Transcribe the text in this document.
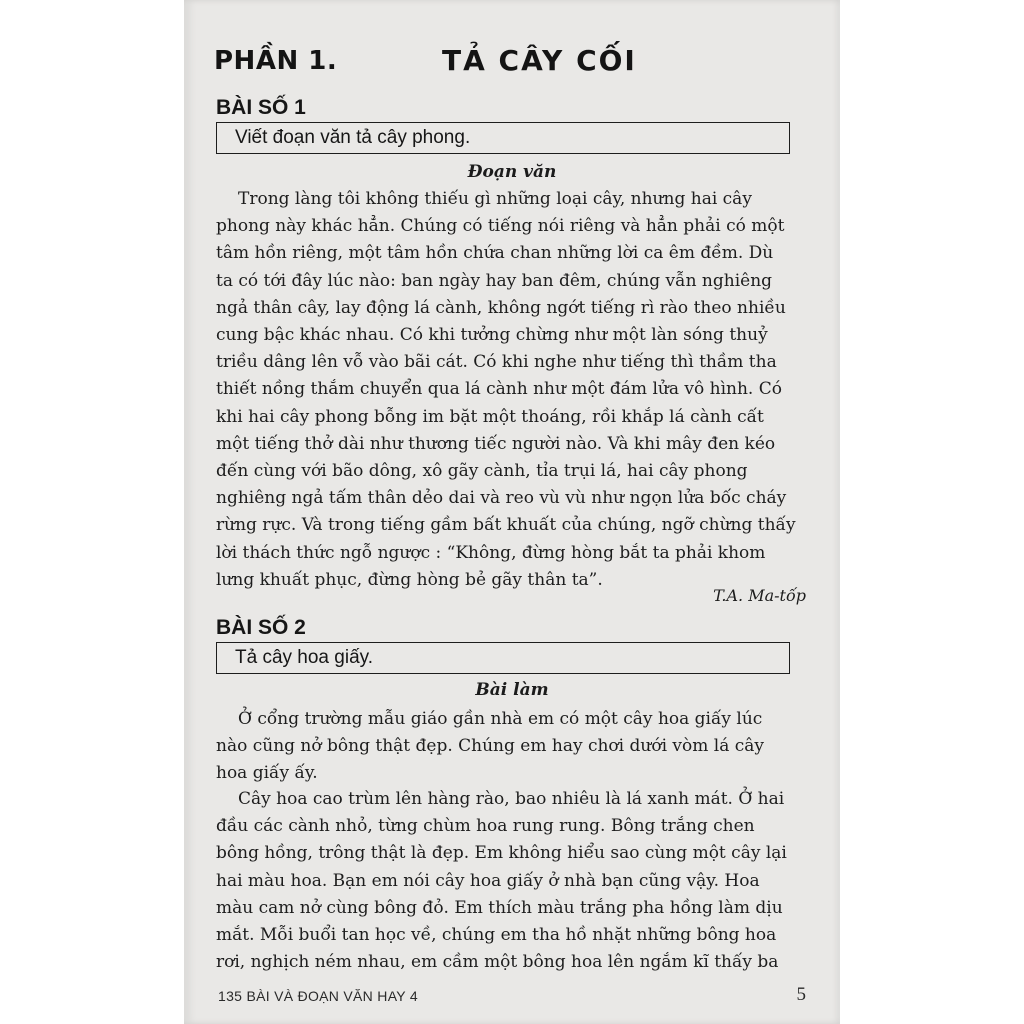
PHẦN 1.	TẢ CÂY CỐI
BÀI SỐ 1
Viết đoạn văn tả cây phong.
Đoạn văn
Trong làng tôi không thiếu gì những loại cây, nhưng hai cây
phong này khác hẳn. Chúng có tiếng nói riêng và hẳn phải có một
tâm hồn riêng, một tâm hồn chứa chan những lời ca êm đềm. Dù
ta có tới đây lúc nào: ban ngày hay ban đêm, chúng vẫn nghiêng
ngả thân cây, lay động lá cành, không ngớt tiếng rì rào theo nhiều
cung bậc khác nhau. Có khi tưởng chừng như một làn sóng thuỷ
triều dâng lên vỗ vào bãi cát. Có khi nghe như tiếng thì thầm tha
thiết nồng thắm chuyển qua lá cành như một đám lửa vô hình. Có
khi hai cây phong bỗng im bặt một thoáng, rồi khắp lá cành cất
một tiếng thở dài như thương tiếc người nào. Và khi mây đen kéo
đến cùng với bão dông, xô gãy cành, tỉa trụi lá, hai cây phong
nghiêng ngả tấm thân dẻo dai và reo vù vù như ngọn lửa bốc cháy
rừng rực. Và trong tiếng gầm bất khuất của chúng, ngỡ chừng thấy
lời thách thức ngỗ ngược : “Không, đừng hòng bắt ta phải khom
lưng khuất phục, đừng hòng bẻ gãy thân ta”.
T.A. Ma-tốp
BÀI SỐ 2
Tả cây hoa giấy.
Bài làm
Ở cổng trường mẫu giáo gần nhà em có một cây hoa giấy lúc
nào cũng nở bông thật đẹp. Chúng em hay chơi dưới vòm lá cây
hoa giấy ấy.
Cây hoa cao trùm lên hàng rào, bao nhiêu là lá xanh mát. Ở hai
đầu các cành nhỏ, từng chùm hoa rung rung. Bông trắng chen
bông hồng, trông thật là đẹp. Em không hiểu sao cùng một cây lại
hai màu hoa. Bạn em nói cây hoa giấy ở nhà bạn cũng vậy. Hoa
màu cam nở cùng bông đỏ. Em thích màu trắng pha hồng làm dịu
mắt. Mỗi buổi tan học về, chúng em tha hồ nhặt những bông hoa
rơi, nghịch ném nhau, em cầm một bông hoa lên ngắm kĩ thấy ba
135 BÀI VÀ ĐOẠN VĂN HAY 4	5
